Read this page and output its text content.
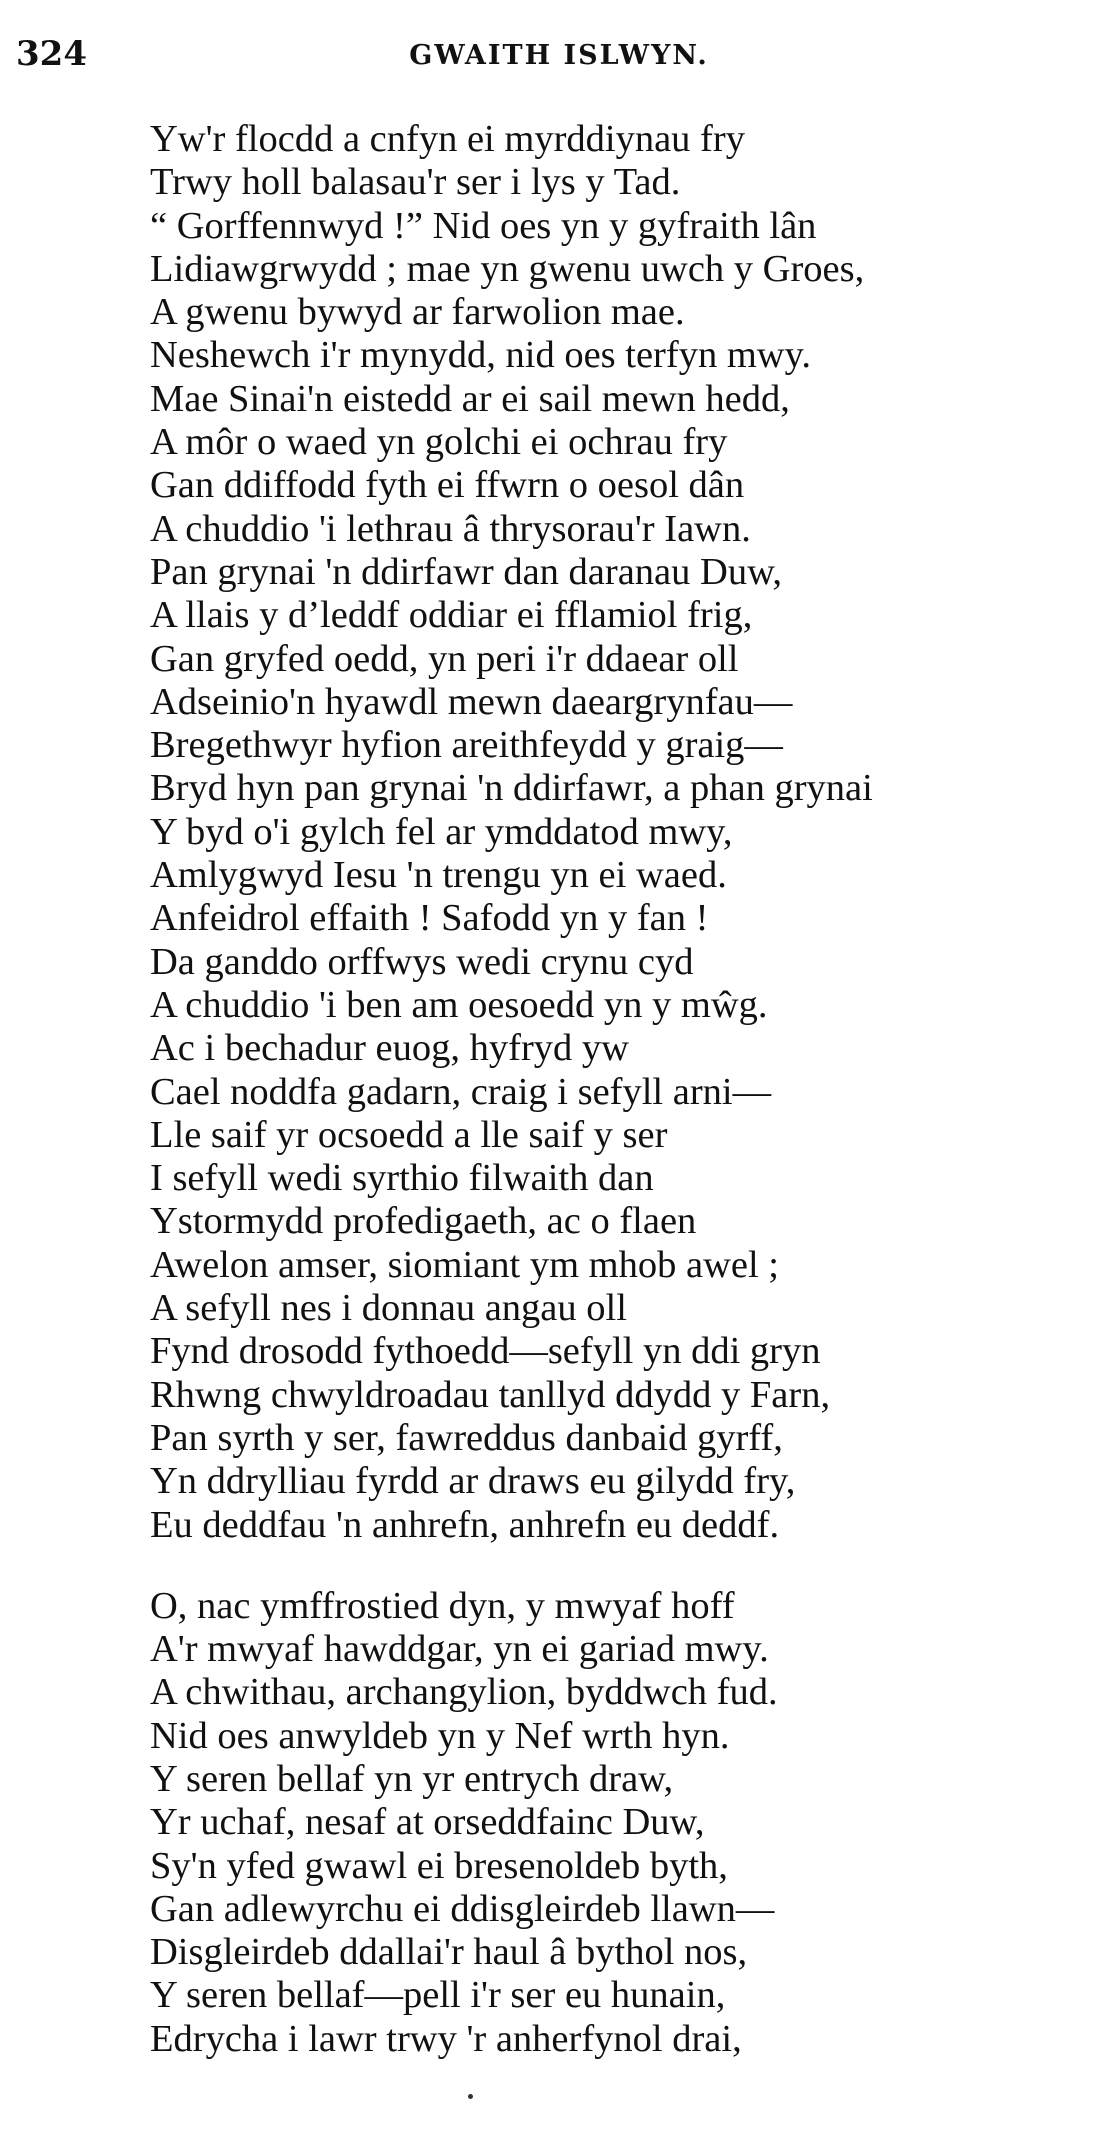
324	GWAITH ISLWYN.
Yw'r flocdd a cnfyn ei myrddiynau fry
Trwy holl balasau'r ser i lys y Tad.
“ Gorffennwyd !” Nid oes yn y gyfraith lân
Lidiawgrwydd ; mae yn gwenu uwch y Groes,
A gwenu bywyd ar farwolion mae.
Neshewch i'r mynydd, nid oes terfyn mwy.
Mae Sinai'n eistedd ar ei sail mewn hedd,
A môr o waed yn golchi ei ochrau fry
Gan ddiffodd fyth ei ffwrn o oesol dân
A chuddio 'i lethrau â thrysorau'r Iawn.
Pan grynai 'n ddirfawr dan daranau Duw,
A llais y d’leddf oddiar ei fflamiol frig,
Gan gryfed oedd, yn peri i'r ddaear oll
Adseinio'n hyawdl mewn daeargrynfau—
Bregethwyr hyfion areithfeydd y graig—
Bryd hyn pan grynai 'n ddirfawr, a phan grynai
Y byd o'i gylch fel ar ymddatod mwy,
Amlygwyd Iesu 'n trengu yn ei waed.
Anfeidrol effaith ! Safodd yn y fan !
Da ganddo orffwys wedi crynu cyd
A chuddio 'i ben am oesoedd yn y mŵg.
Ac i bechadur euog, hyfryd yw
Cael noddfa gadarn, craig i sefyll arni—
Lle saif yr ocsoedd a lle saif y ser
I sefyll wedi syrthio filwaith dan
Ystormydd profedigaeth, ac o flaen
Awelon amser, siomiant ym mhob awel ;
A sefyll nes i donnau angau oll
Fynd drosodd fythoedd—sefyll yn ddi gryn
Rhwng chwyldroadau tanllyd ddydd y Farn,
Pan syrth y ser, fawreddus danbaid gyrff,
Yn ddrylliau fyrdd ar draws eu gilydd fry,
Eu deddfau 'n anhrefn, anhrefn eu deddf.
O, nac ymffrostied dyn, y mwyaf hoff
A'r mwyaf hawddgar, yn ei gariad mwy.
A chwithau, archangylion, byddwch fud.
Nid oes anwyldeb yn y Nef wrth hyn.
Y seren bellaf yn yr entrych draw,
Yr uchaf, nesaf at orseddfainc Duw,
Sy'n yfed gwawl ei bresenoldeb byth,
Gan adlewyrchu ei ddisgleirdeb llawn—
Disgleirdeb ddallai'r haul â bythol nos,
Y seren bellaf—pell i'r ser eu hunain,
Edrycha i lawr trwy 'r anherfynol drai,
